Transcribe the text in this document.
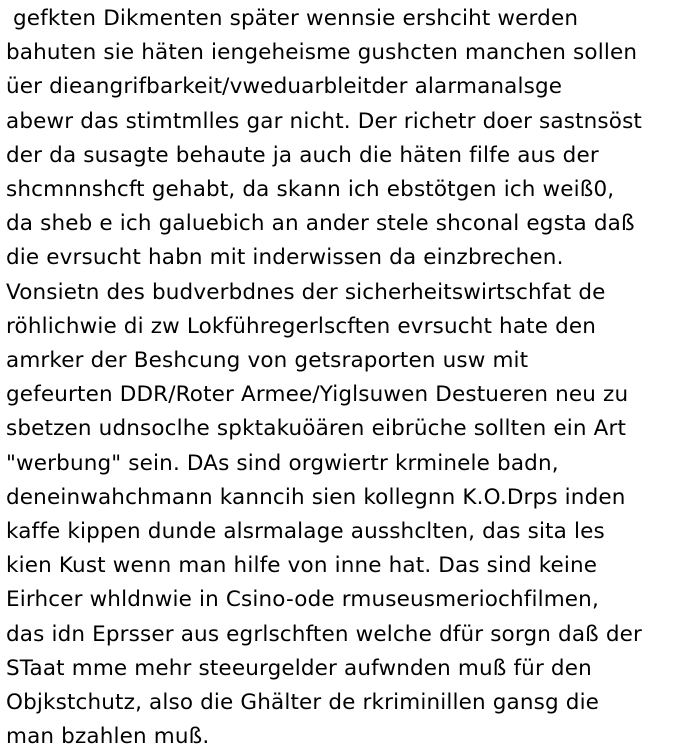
gefkten Dikmenten später wennsie ershciht werden
bahuten sie häten iengeheisme gushcten manchen sollen
üer dieangrifbarkeit/vweduarbleitder alarmanalsge
abewr das stimtmlles gar nicht. Der richetr doer sastnsöst
der da susagte behaute ja auch die häten filfe aus der
shcmnnshcft gehabt, da skann ich ebstötgen ich weiß0,
da sheb e ich galuebich an ander stele shconal egsta daß
die evrsucht habn mit inderwissen da einzbrechen.
Vonsietn des budverbdnes der sicherheitswirtschfat de
röhlichwie di zw Lokführegerlscften evrsucht hate den
amrker der Beshcung von getsraporten usw mit
gefeurten DDR/Roter Armee/Yiglsuwen Destueren neu zu
sbetzen udnsoclhe spktakuöären eibrüche sollten ein Art
"werbung" sein. DAs sind orgwiertr krminele badn,
deneinwahchmann kanncih sien kollegnn K.O.Drps inden
kaffe kippen dunde alsrmalage ausshclten, das sita les
kien Kust wenn man hilfe von inne hat. Das sind keine
Eirhcer whldnwie in Csino-ode rmuseusmeriochfilmen,
das idn Eprsser aus egrlschften welche dfür sorgn daß der
STaat mme mehr steeurgelder aufwnden muß für den
Objkstchutz, also die Ghälter de rkriminillen gansg die
man bzahlen muß.
